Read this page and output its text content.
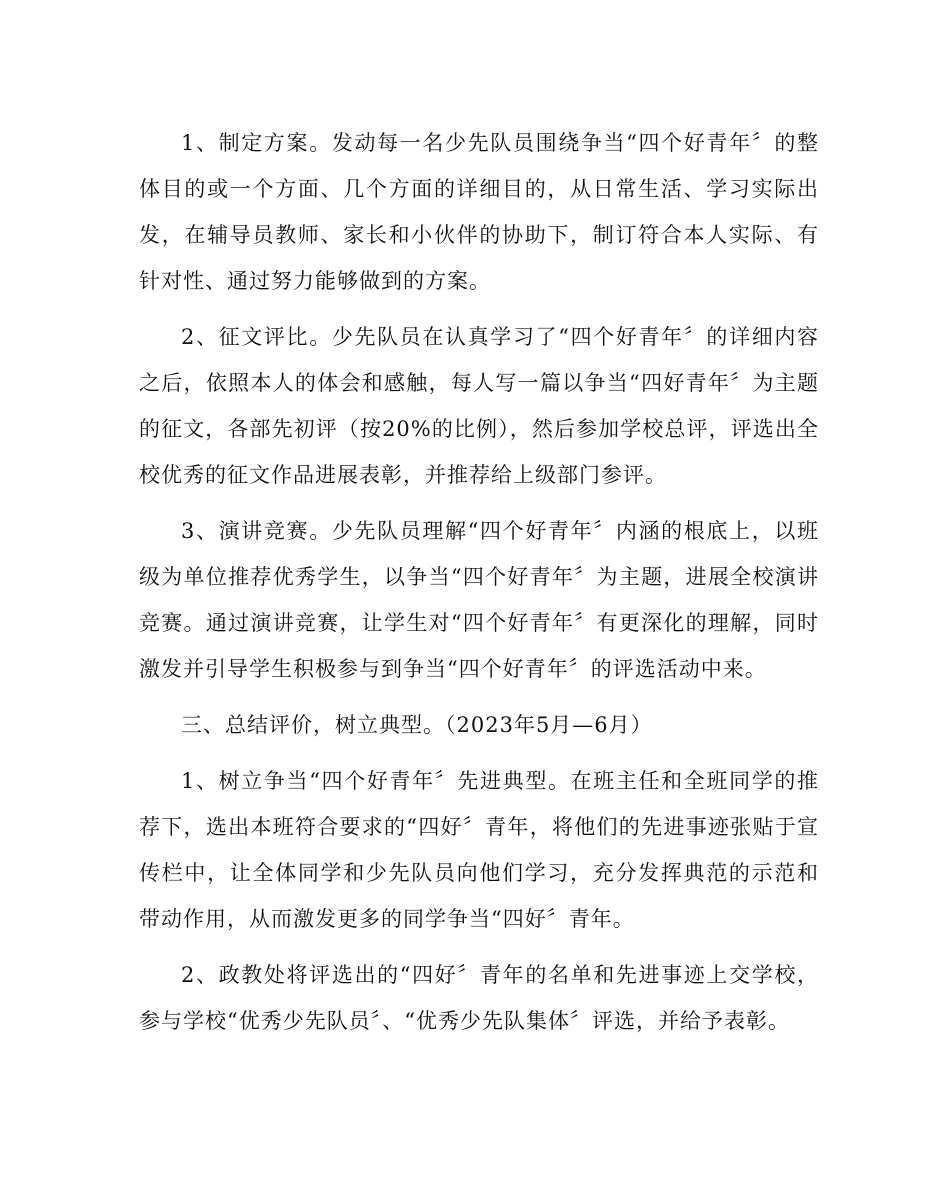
1、制定方案。发动每一名少先队员围绕争当“四个好青年〞的整体目的或一个方面、几个方面的详细目的，从日常生活、学习实际出发，在辅导员教师、家长和小伙伴的协助下，制订符合本人实际、有针对性、通过努力能够做到的方案。

2、征文评比。少先队员在认真学习了“四个好青年〞的详细内容之后，依照本人的体会和感触，每人写一篇以争当“四好青年〞为主题的征文，各部先初评（按20%的比例），然后参加学校总评，评选出全校优秀的征文作品进展表彰，并推荐给上级部门参评。

3、演讲竞赛。少先队员理解“四个好青年〞内涵的根底上，以班级为单位推荐优秀学生，以争当“四个好青年〞为主题，进展全校演讲竞赛。通过演讲竞赛，让学生对“四个好青年〞有更深化的理解，同时激发并引导学生积极参与到争当“四个好青年〞的评选活动中来。

三、总结评价，树立典型。（2023年5月—6月）

1、树立争当“四个好青年〞先进典型。在班主任和全班同学的推荐下，选出本班符合要求的“四好〞青年，将他们的先进事迹张贴于宣传栏中，让全体同学和少先队员向他们学习，充分发挥典范的示范和带动作用，从而激发更多的同学争当“四好〞青年。

2、政教处将评选出的“四好〞青年的名单和先进事迹上交学校，参与学校“优秀少先队员〞、“优秀少先队集体〞评选，并给予表彰。
